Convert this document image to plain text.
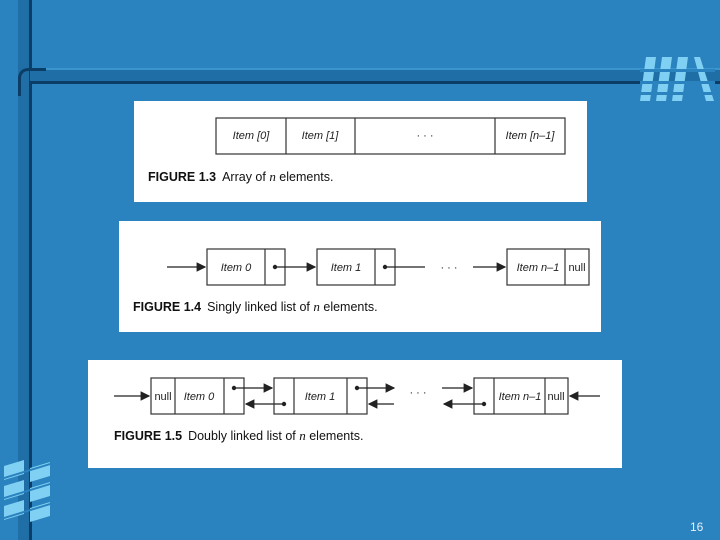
Item [0]	Item [1]	· · ·	Item [n–1]
FIGURE 1.3 Array of n elements.
Item 0	Item 1	· · ·	Item n–1 null
FIGURE 1.4 Singly linked list of n elements.
null Item 0	Item 1	· · ·	Item n–1 null
FIGURE 1.5 Doubly linked list of n elements.
16
